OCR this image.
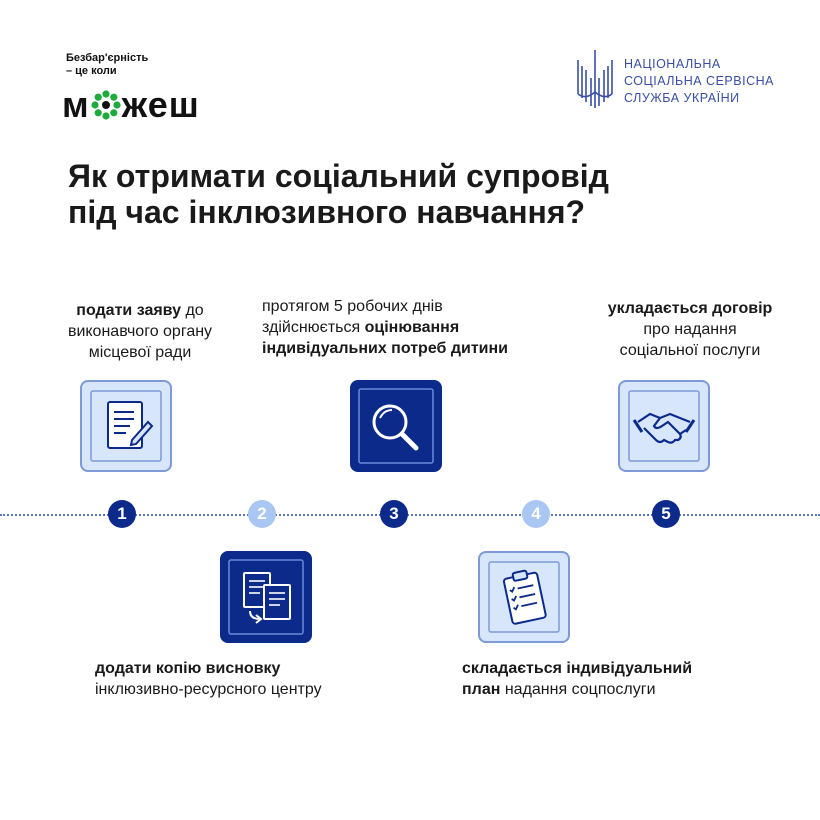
Безбар'єрність
– це коли
м жеш
НАЦІОНАЛЬНА
СОЦІАЛЬНА СЕРВІСНА
СЛУЖБА УКРАЇНИ
Як отримати соціальний супровід
під час інклюзивного навчання?
подати заяву до
виконавчого органу
місцевої ради
протягом 5 робочих днів
здійснюється оцінювання
індивідуальних потреб дитини
укладається договір
про надання
соціальної послуги
1	2	3	4	5
додати копію висновку
інклюзивно-ресурсного центру
складається індивідуальний
план надання соцпослуги
